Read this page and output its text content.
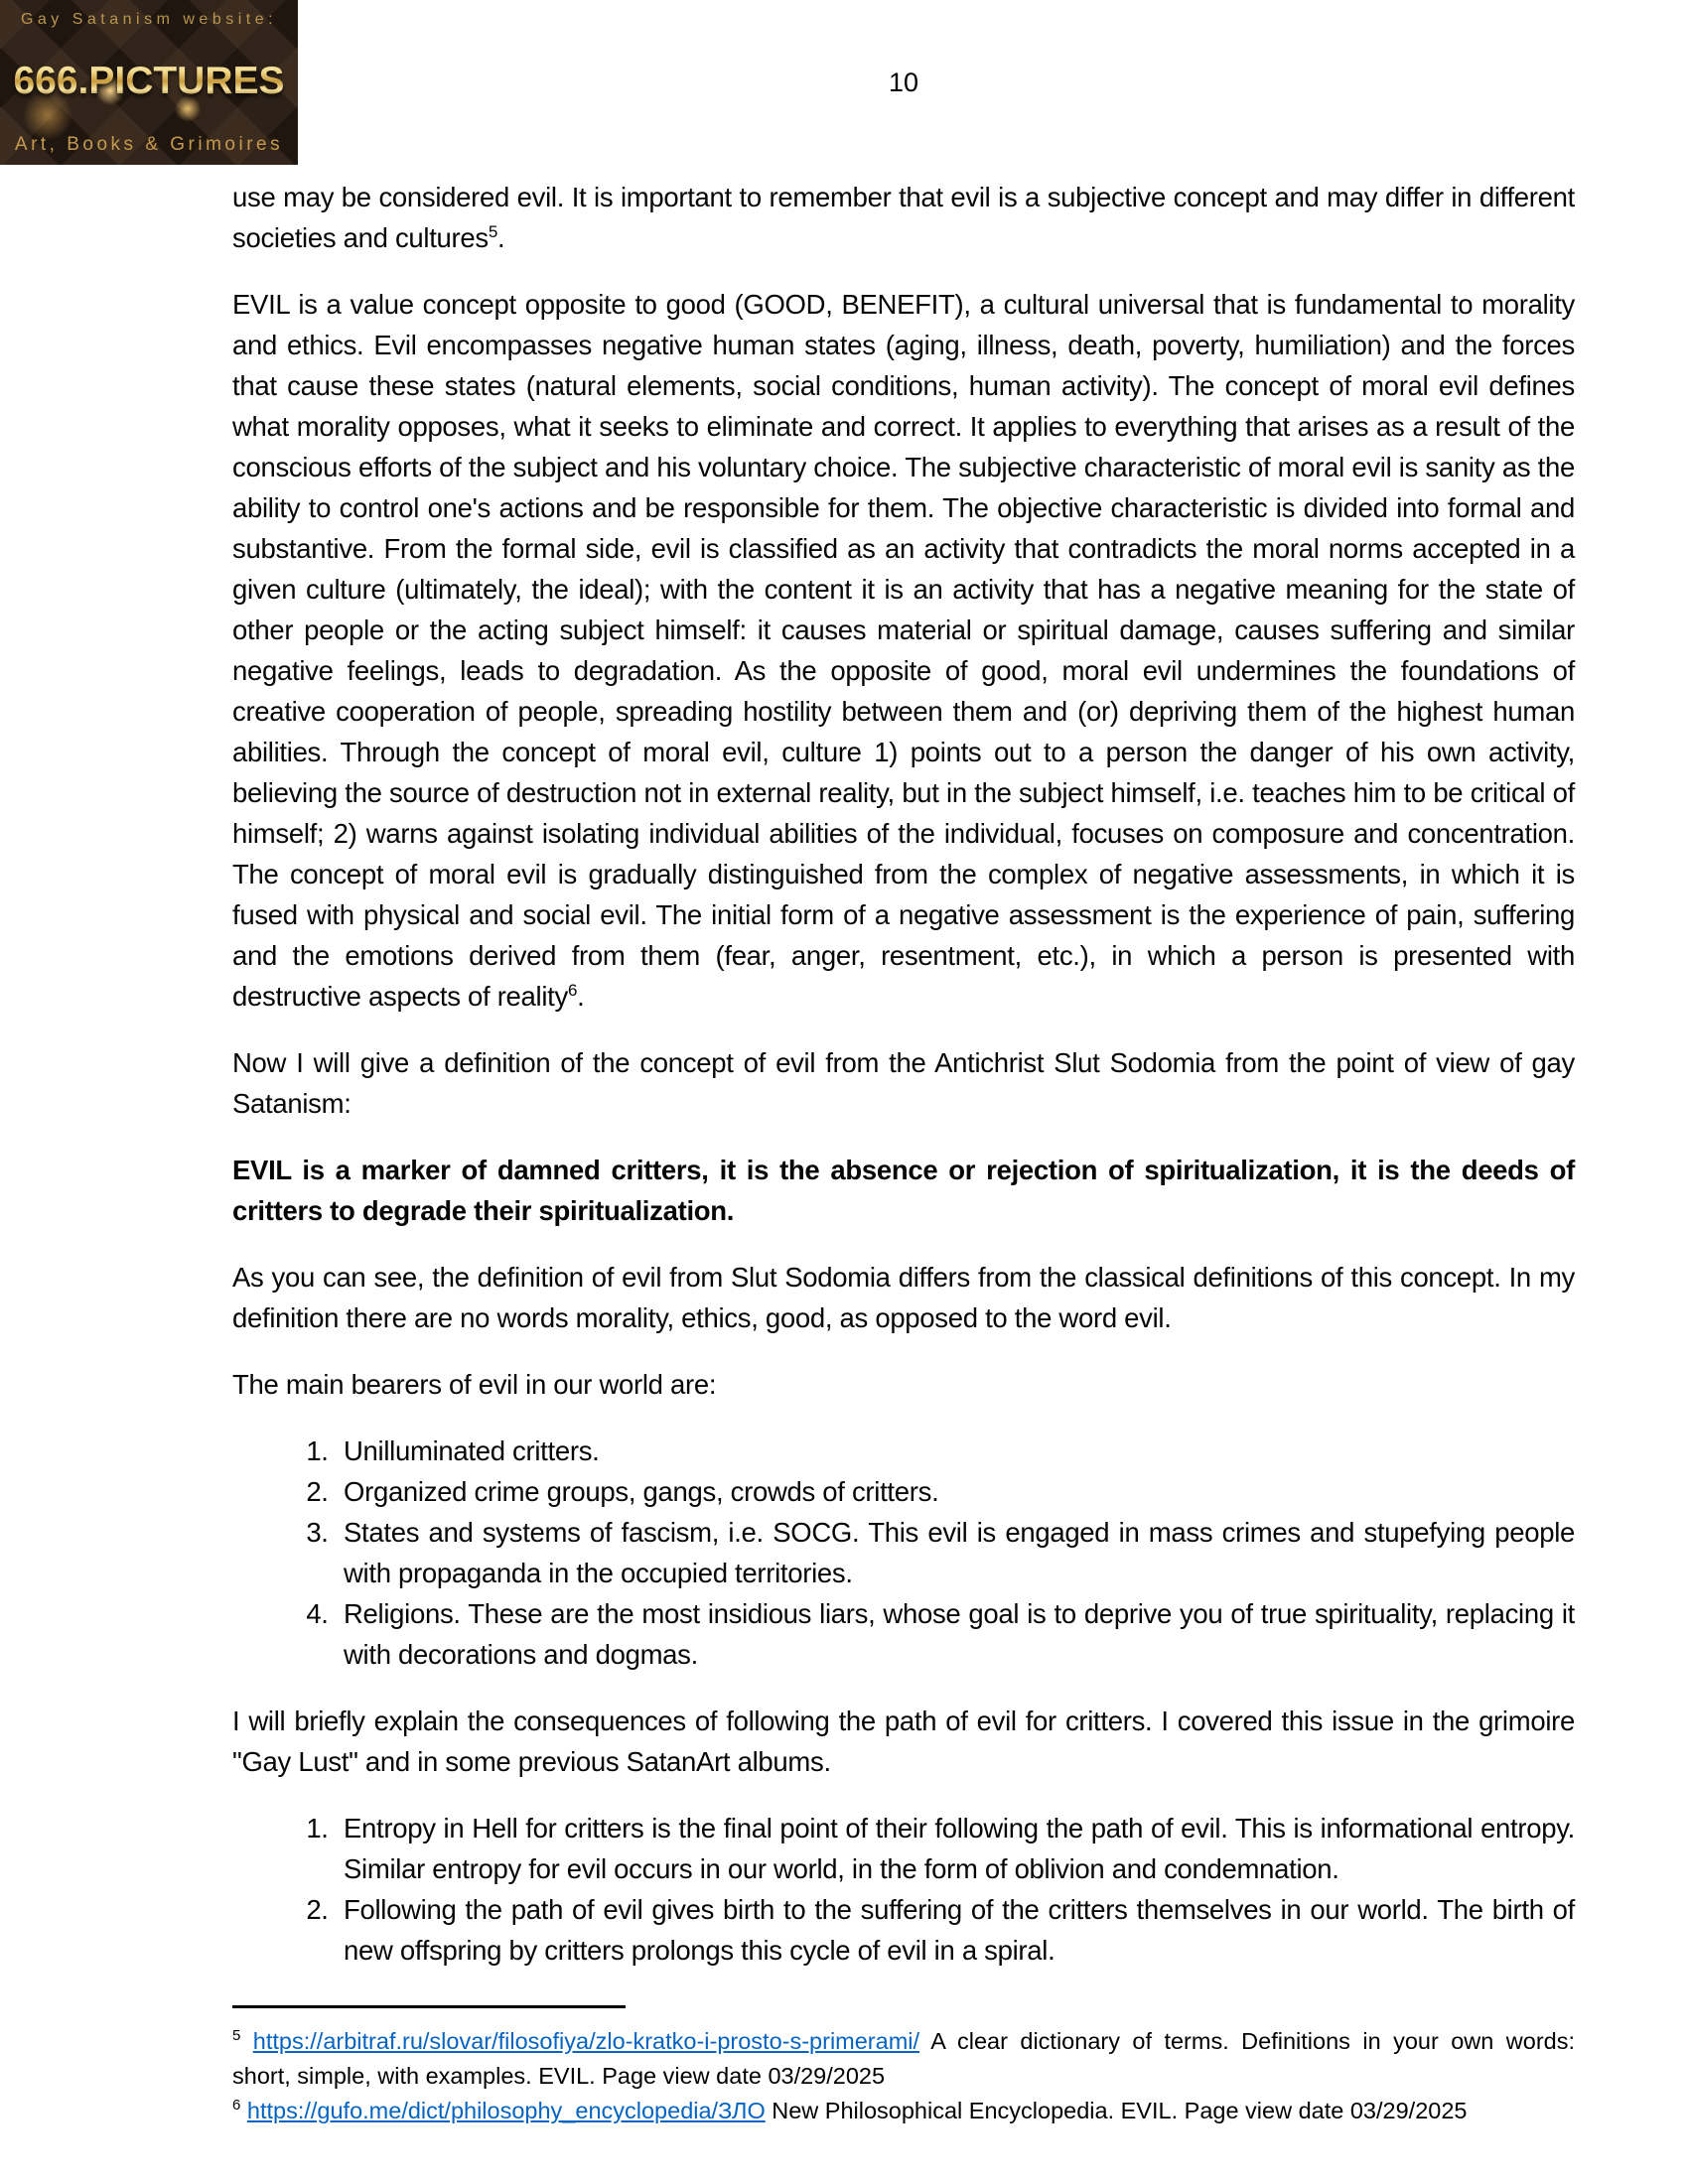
Gay Satanism website:
666.PICTURES
Art, Books & Grimoires
10

use may be considered evil. It is important to remember that evil is a subjective concept and may differ in different societies and cultures$^5$.

EVIL is a value concept opposite to good (GOOD, BENEFIT), a cultural universal that is fundamental to morality and ethics. Evil encompasses negative human states (aging, illness, death, poverty, humiliation) and the forces that cause these states (natural elements, social conditions, human activity). The concept of moral evil defines what morality opposes, what it seeks to eliminate and correct. It applies to everything that arises as a result of the conscious efforts of the subject and his voluntary choice. The subjective characteristic of moral evil is sanity as the ability to control one's actions and be responsible for them. The objective characteristic is divided into formal and substantive. From the formal side, evil is classified as an activity that contradicts the moral norms accepted in a given culture (ultimately, the ideal); with the content it is an activity that has a negative meaning for the state of other people or the acting subject himself: it causes material or spiritual damage, causes suffering and similar negative feelings, leads to degradation. As the opposite of good, moral evil undermines the foundations of creative cooperation of people, spreading hostility between them and (or) depriving them of the highest human abilities. Through the concept of moral evil, culture 1) points out to a person the danger of his own activity, believing the source of destruction not in external reality, but in the subject himself, i.e. teaches him to be critical of himself; 2) warns against isolating individual abilities of the individual, focuses on composure and concentration. The concept of moral evil is gradually distinguished from the complex of negative assessments, in which it is fused with physical and social evil. The initial form of a negative assessment is the experience of pain, suffering and the emotions derived from them (fear, anger, resentment, etc.), in which a person is presented with destructive aspects of reality$^6$.

Now I will give a definition of the concept of evil from the Antichrist Slut Sodomia from the point of view of gay Satanism:

EVIL is a marker of damned critters, it is the absence or rejection of spiritualization, it is the deeds of critters to degrade their spiritualization.

As you can see, the definition of evil from Slut Sodomia differs from the classical definitions of this concept. In my definition there are no words morality, ethics, good, as opposed to the word evil.

The main bearers of evil in our world are:

1. Unilluminated critters.
2. Organized crime groups, gangs, crowds of critters.
3. States and systems of fascism, i.e. SOCG. This evil is engaged in mass crimes and stupefying people with propaganda in the occupied territories.
4. Religions. These are the most insidious liars, whose goal is to deprive you of true spirituality, replacing it with decorations and dogmas.

I will briefly explain the consequences of following the path of evil for critters. I covered this issue in the grimoire "Gay Lust" and in some previous SatanArt albums.

1. Entropy in Hell for critters is the final point of their following the path of evil. This is informational entropy. Similar entropy for evil occurs in our world, in the form of oblivion and condemnation.
2. Following the path of evil gives birth to the suffering of the critters themselves in our world. The birth of new offspring by critters prolongs this cycle of evil in a spiral.
$^5$ https://arbitraf.ru/slovar/filosofiya/zlo-kratko-i-prosto-s-primerami/ A clear dictionary of terms. Definitions in your own words: short, simple, with examples. EVIL. Page view date 03/29/2025
$^6$ https://gufo.me/dict/philosophy_encyclopedia/ЗЛО New Philosophical Encyclopedia. EVIL. Page view date 03/29/2025
